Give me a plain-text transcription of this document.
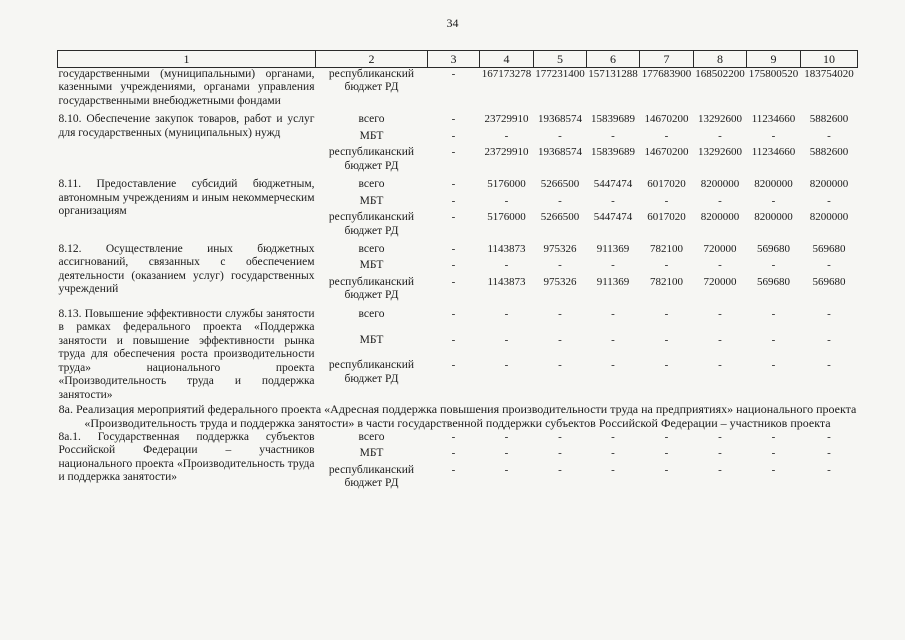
34
1	2	3	4	5	6	7	8	9	10
государственными (муниципальными) органами, казенными учреждениями, органами управления государственными внебюджетными фондами	республиканский бюджет РД	-	167173278	177231400	157131288	177683900	168502200	175800520	183754020
8.10. Обеспечение закупок товаров, работ и услуг для государственных (муниципальных) нужд	всего	-	23729910	19368574	15839689	14670200	13292600	11234660	5882600
	МБТ	-	-	-	-	-	-	-	-
	республиканский бюджет РД	-	23729910	19368574	15839689	14670200	13292600	11234660	5882600
8.11. Предоставление субсидий бюджетным, автономным учреждениям и иным некоммерческим организациям	всего	-	5176000	5266500	5447474	6017020	8200000	8200000	8200000
	МБТ	-	-	-	-	-	-	-	-
	республиканский бюджет РД	-	5176000	5266500	5447474	6017020	8200000	8200000	8200000
8.12. Осуществление иных бюджетных ассигнований, связанных с обеспечением деятельности (оказанием услуг) государственных учреждений	всего	-	1143873	975326	911369	782100	720000	569680	569680
	МБТ	-	-	-	-	-	-	-	-
	республиканский бюджет РД	-	1143873	975326	911369	782100	720000	569680	569680
8.13. Повышение эффективности службы занятости в рамках федерального проекта «Поддержка занятости и повышение эффективности рынка труда для обеспечения роста производительности труда» национального проекта «Производительность труда и поддержка занятости»	всего	-	-	-	-	-	-	-	-
	МБТ	-	-	-	-	-	-	-	-
	республиканский бюджет РД	-	-	-	-	-	-	-	-
8а. Реализация мероприятий федерального проекта «Адресная поддержка повышения производительности труда на предприятиях» национального проекта «Производительность труда и поддержка занятости» в части государственной поддержки субъектов Российской Федерации – участников проекта									
8а.1. Государственная поддержка субъектов Российской Федерации – участников национального проекта «Производительность труда и поддержка занятости»	всего	-	-	-	-	-	-	-	-
	МБТ	-	-	-	-	-	-	-	-
	республиканский бюджет РД	-	-	-	-	-	-	-	-
